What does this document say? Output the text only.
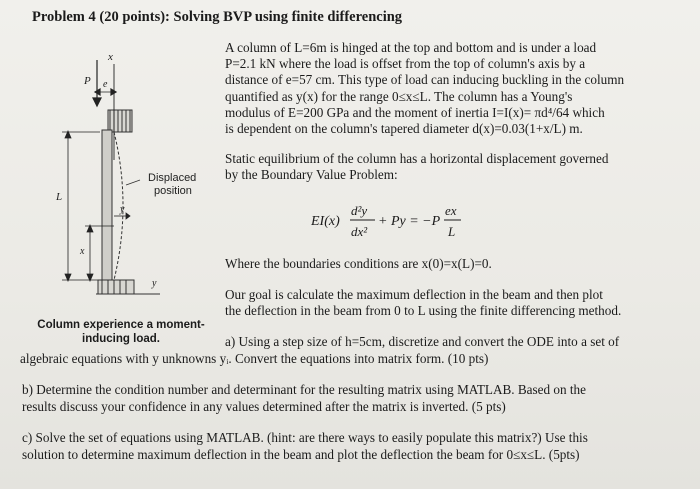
Problem 4 (20 points): Solving BVP using finite differencing
x
P e
L
y
x
y
Displaced
position
A column of L=6m is hinged at the top and bottom and is under a load
P=2.1 kN where the load is offset from the top of column's axis by a
distance of e=57 cm. This type of load can inducing buckling in the column
quantified as y(x) for the range 0≤x≤L. The column has a Young's
modulus of E=200 GPa and the moment of inertia I=I(x)= πd⁴/64 which
is dependent on the column's tapered diameter d(x)=0.03(1+x/L) m.
Static equilibrium of the column has a horizontal displacement governed
by the Boundary Value Problem:
EI(x)
d²y
dx²
+ Py = −P
ex
L
Where the boundaries conditions are x(0)=x(L)=0.
Our goal is calculate the maximum deflection in the beam and then plot
the deflection in the beam from 0 to L using the finite differencing method.
Column experience a moment-
inducing load.	a) Using a step size of h=5cm, discretize and convert the ODE into a set of
algebraic equations with y unknowns yᵢ. Convert the equations into matrix form. (10 pts)
b) Determine the condition number and determinant for the resulting matrix using MATLAB. Based on the
results discuss your confidence in any values determined after the matrix is inverted. (5 pts)
c) Solve the set of equations using MATLAB. (hint: are there ways to easily populate this matrix?) Use this
solution to determine maximum deflection in the beam and plot the deflection the beam for 0≤x≤L. (5pts)
